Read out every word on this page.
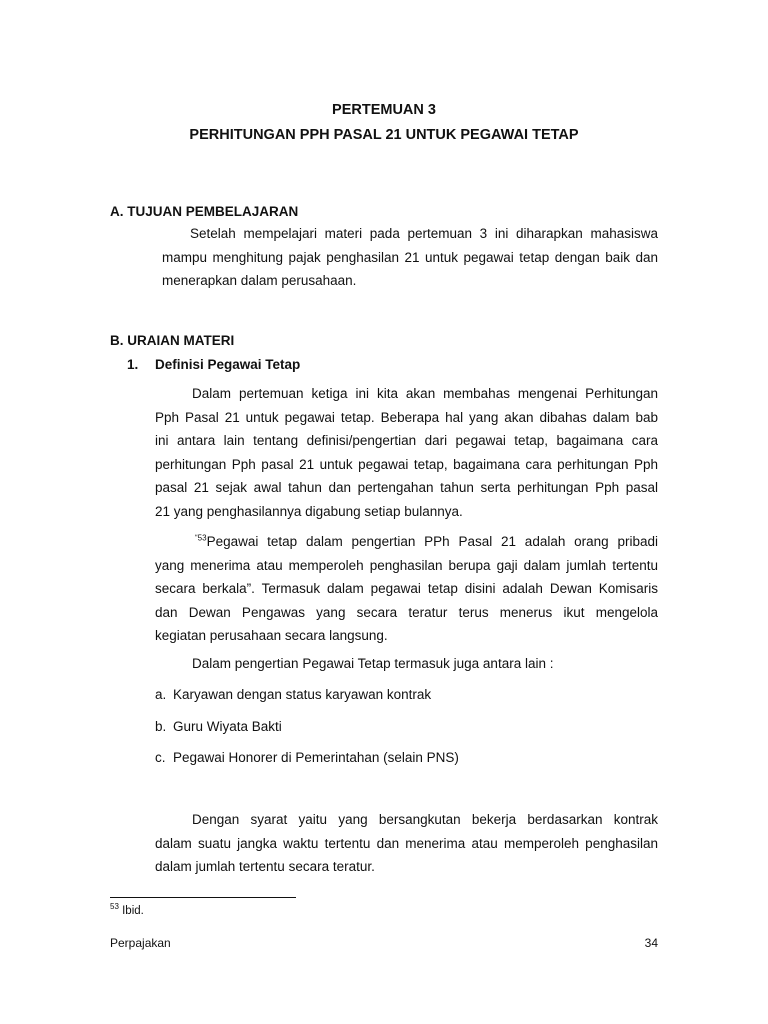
PERTEMUAN 3
PERHITUNGAN PPH PASAL 21 UNTUK PEGAWAI TETAP
A. TUJUAN PEMBELAJARAN
Setelah mempelajari materi pada pertemuan 3 ini diharapkan mahasiswa
mampu menghitung pajak penghasilan 21 untuk pegawai tetap dengan baik dan
menerapkan dalam perusahaan.
B. URAIAN MATERI
1. Definisi Pegawai Tetap
Dalam pertemuan ketiga ini kita akan membahas mengenai Perhitungan
Pph Pasal 21 untuk pegawai tetap. Beberapa hal yang akan dibahas dalam bab
ini antara lain tentang definisi/pengertian dari pegawai tetap, bagaimana cara
perhitungan Pph pasal 21 untuk pegawai tetap, bagaimana cara perhitungan Pph
pasal 21 sejak awal tahun dan pertengahan tahun serta perhitungan Pph pasal
21 yang penghasilannya digabung setiap bulannya.
$^{“53}$Pegawai tetap dalam pengertian PPh Pasal 21 adalah orang pribadi
yang menerima atau memperoleh penghasilan berupa gaji dalam jumlah tertentu
secara berkala”. Termasuk dalam pegawai tetap disini adalah Dewan Komisaris
dan Dewan Pengawas yang secara teratur terus menerus ikut mengelola
kegiatan perusahaan secara langsung.
Dalam pengertian Pegawai Tetap termasuk juga antara lain :
a. Karyawan dengan status karyawan kontrak
b. Guru Wiyata Bakti
c. Pegawai Honorer di Pemerintahan (selain PNS)
Dengan syarat yaitu yang bersangkutan bekerja berdasarkan kontrak
dalam suatu jangka waktu tertentu dan menerima atau memperoleh penghasilan
dalam jumlah tertentu secara teratur.
$^{53}$ Ibid.
Perpajakan	34
